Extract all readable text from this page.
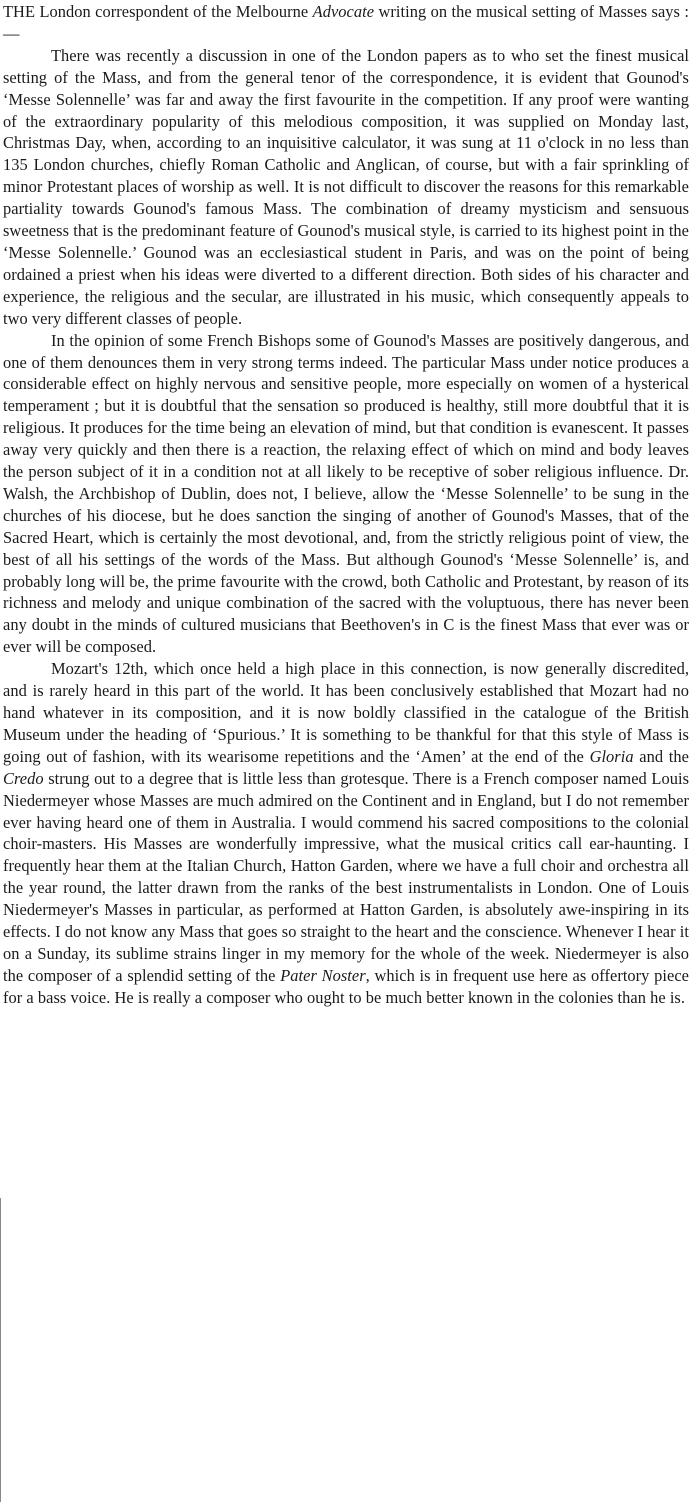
THE London correspondent of the Melbourne Advocate writing on the musical setting of Masses says :—

There was recently a discussion in one of the London papers as to who set the finest musical setting of the Mass, and from the general tenor of the correspondence, it is evident that Gounod's ‘Messe Solennelle’ was far and away the first favourite in the competition. If any proof were wanting of the extraordinary popularity of this melodious composition, it was supplied on Monday last, Christmas Day, when, according to an inquisitive calculator, it was sung at 11 o'clock in no less than 135 London churches, chiefly Roman Catholic and Anglican, of course, but with a fair sprinkling of minor Protestant places of worship as well. It is not difficult to discover the reasons for this remarkable partiality towards Gounod's famous Mass. The combination of dreamy mysticism and sensuous sweetness that is the predominant feature of Gounod's musical style, is carried to its highest point in the ‘Messe Solennelle.’ Gounod was an ecclesiastical student in Paris, and was on the point of being ordained a priest when his ideas were diverted to a different direction. Both sides of his character and experience, the religious and the secular, are illustrated in his music, which consequently appeals to two very different classes of people.

In the opinion of some French Bishops some of Gounod's Masses are positively dangerous, and one of them denounces them in very strong terms indeed. The particular Mass under notice produces a considerable effect on highly nervous and sensitive people, more especially on women of a hysterical temperament ; but it is doubtful that the sensation so produced is healthy, still more doubtful that it is religious. It produces for the time being an elevation of mind, but that condition is evanescent. It passes away very quickly and then there is a reaction, the relaxing effect of which on mind and body leaves the person subject of it in a condition not at all likely to be receptive of sober religious influence. Dr. Walsh, the Archbishop of Dublin, does not, I believe, allow the ‘Messe Solennelle’ to be sung in the churches of his diocese, but he does sanction the singing of another of Gounod's Masses, that of the Sacred Heart, which is certainly the most devotional, and, from the strictly religious point of view, the best of all his settings of the words of the Mass. But although Gounod's ‘Messe Solennelle’ is, and probably long will be, the prime favourite with the crowd, both Catholic and Protestant, by reason of its richness and melody and unique combination of the sacred with the voluptuous, there has never been any doubt in the minds of cultured musicians that Beethoven's in C is the finest Mass that ever was or ever will be composed.

Mozart's 12th, which once held a high place in this connection, is now generally discredited, and is rarely heard in this part of the world. It has been conclusively established that Mozart had no hand whatever in its composition, and it is now boldly classified in the catalogue of the British Museum under the heading of ‘Spurious.’ It is something to be thankful for that this style of Mass is going out of fashion, with its wearisome repetitions and the ‘Amen’ at the end of the Gloria and the Credo strung out to a degree that is little less than grotesque. There is a French composer named Louis Niedermeyer whose Masses are much admired on the Continent and in England, but I do not remember ever having heard one of them in Australia. I would commend his sacred compositions to the colonial choir-masters. His Masses are wonderfully impressive, what the musical critics call ear-haunting. I frequently hear them at the Italian Church, Hatton Garden, where we have a full choir and orchestra all the year round, the latter drawn from the ranks of the best instrumentalists in London. One of Louis Niedermeyer's Masses in particular, as performed at Hatton Garden, is absolutely awe-inspiring in its effects. I do not know any Mass that goes so straight to the heart and the conscience. Whenever I hear it on a Sunday, its sublime strains linger in my memory for the whole of the week. Niedermeyer is also the composer of a splendid setting of the Pater Noster, which is in frequent use here as offertory piece for a bass voice. He is really a composer who ought to be much better known in the colonies than he is.
